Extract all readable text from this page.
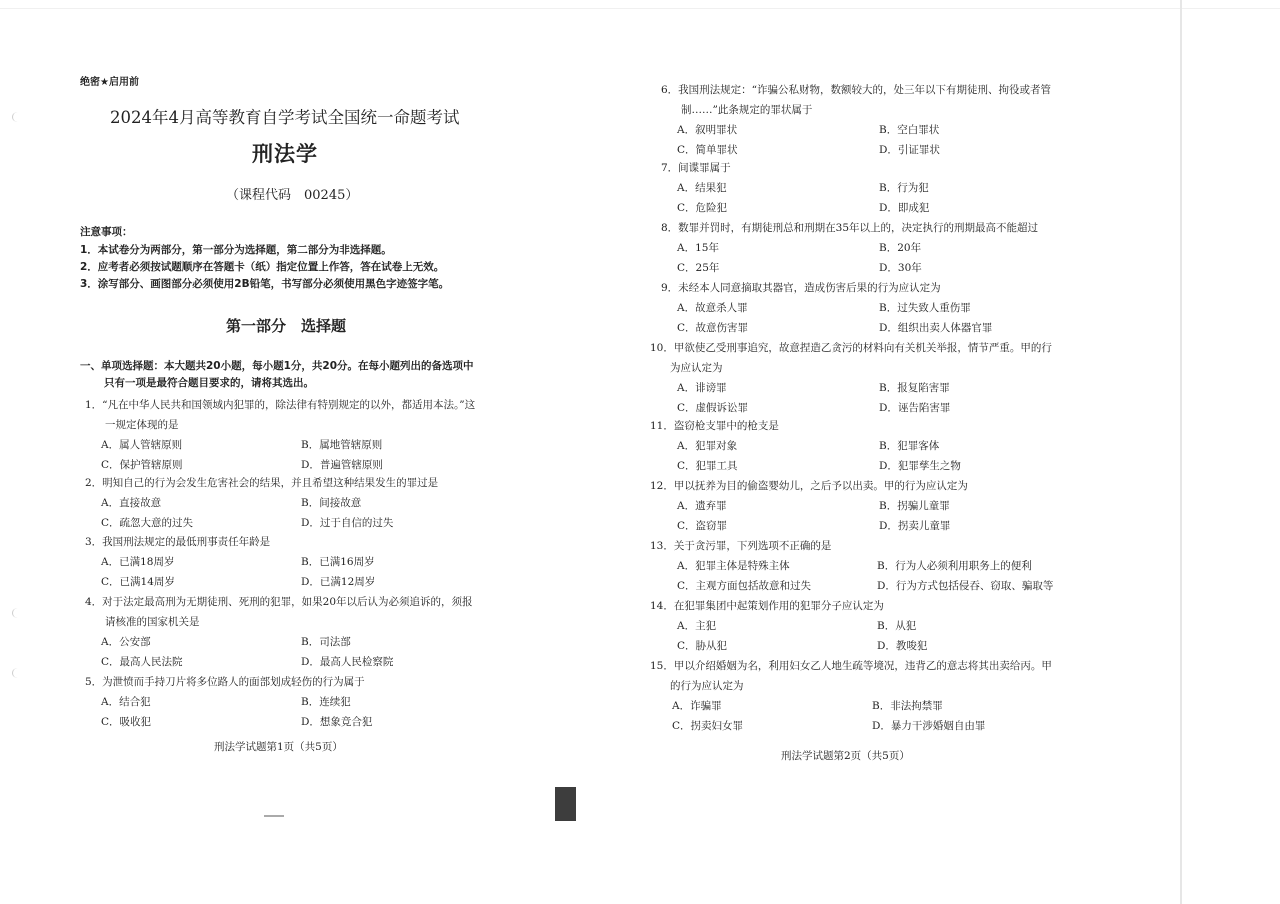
绝密★启用前
2024年4月高等教育自学考试全国统一命题考试
刑法学
（课程代码　00245）
注意事项：
1．本试卷分为两部分，第一部分为选择题，第二部分为非选择题。
2．应考者必须按试题顺序在答题卡（纸）指定位置上作答，答在试卷上无效。
3．涂写部分、画图部分必须使用2B铅笔，书写部分必须使用黑色字迹签字笔。
第一部分　选择题
一、单项选择题：本大题共20小题，每小题1分，共20分。在每小题列出的备选项中
只有一项是最符合题目要求的，请将其选出。
1．“凡在中华人民共和国领域内犯罪的，除法律有特别规定的以外，都适用本法。”这
一规定体现的是
A．属人管辖原则	B．属地管辖原则
C．保护管辖原则	D．普遍管辖原则
2．明知自己的行为会发生危害社会的结果，并且希望这种结果发生的罪过是
A．直接故意	B．间接故意
C．疏忽大意的过失	D．过于自信的过失
3．我国刑法规定的最低刑事责任年龄是
A．已满18周岁	B．已满16周岁
C．已满14周岁	D．已满12周岁
4．对于法定最高刑为无期徒刑、死刑的犯罪，如果20年以后认为必须追诉的，须报
请核准的国家机关是
A．公安部	B．司法部
C．最高人民法院	D．最高人民检察院
5．为泄愤而手持刀片将多位路人的面部划成轻伤的行为属于
A．结合犯	B．连续犯
C．吸收犯	D．想象竞合犯
刑法学试题第1页（共5页）
6．我国刑法规定：“诈骗公私财物，数额较大的，处三年以下有期徒刑、拘役或者管
制……”此条规定的罪状属于
A．叙明罪状	B．空白罪状
C．简单罪状	D．引证罪状
7．间谍罪属于
A．结果犯	B．行为犯
C．危险犯	D．即成犯
8．数罪并罚时，有期徒刑总和刑期在35年以上的，决定执行的刑期最高不能超过
A．15年	B．20年
C．25年	D．30年
9．未经本人同意摘取其器官，造成伤害后果的行为应认定为
A．故意杀人罪	B．过失致人重伤罪
C．故意伤害罪	D．组织出卖人体器官罪
10．甲欲使乙受刑事追究，故意捏造乙贪污的材料向有关机关举报，情节严重。甲的行
为应认定为
A．诽谤罪	B．报复陷害罪
C．虚假诉讼罪	D．诬告陷害罪
11．盗窃枪支罪中的枪支是
A．犯罪对象	B．犯罪客体
C．犯罪工具	D．犯罪孳生之物
12．甲以抚养为目的偷盗婴幼儿，之后予以出卖。甲的行为应认定为
A．遗弃罪	B．拐骗儿童罪
C．盗窃罪	D．拐卖儿童罪
13．关于贪污罪，下列选项不正确的是
A．犯罪主体是特殊主体	B．行为人必须利用职务上的便利
C．主观方面包括故意和过失	D．行为方式包括侵吞、窃取、骗取等
14．在犯罪集团中起策划作用的犯罪分子应认定为
A．主犯	B．从犯
C．胁从犯	D．教唆犯
15．甲以介绍婚姻为名，利用妇女乙人地生疏等境况，违背乙的意志将其出卖给丙。甲
的行为应认定为
A．诈骗罪	B．非法拘禁罪
C．拐卖妇女罪	D．暴力干涉婚姻自由罪
刑法学试题第2页（共5页）
